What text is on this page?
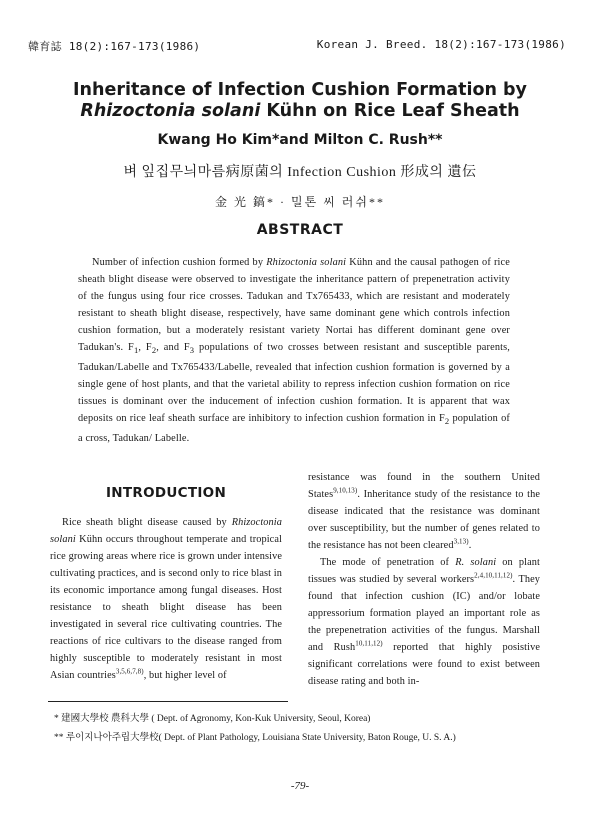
韓育誌 18(2):167-173(1986)	Korean J. Breed. 18(2):167-173(1986)
Inheritance of Infection Cushion Formation by
Rhizoctonia solani Kühn on Rice Leaf Sheath
Kwang Ho Kim*and Milton C. Rush**
벼 잎집무늬마름病原菌의 Infection Cushion 形成의 遺伝
金 光 鎬* · 밀톤 씨 러쉬**
ABSTRACT

Number of infection cushion formed by Rhizoctonia solani Kühn and the causal pathogen of rice sheath blight disease were observed to investigate the inheritance pattern of prepenetration activity of the fungus using four rice crosses. Tadukan and Tx765433, which are resistant and moderately resistant to sheath blight disease, respectively, have same dominant gene which controls infection cushion formation, but a moderately resistant variety Nortai has different dominant gene over Tadukan's. $F_1$, $F_2$, and $F_3$ populations of two crosses between resistant and susceptible parents, Tadukan/Labelle and Tx765433/Labelle, revealed that infection cushion formation is governed by a single gene of host plants, and that the varietal ability to repress infection cushion formation on rice tissues is dominant over the inducement of infection cushion formation. It is apparent that wax deposits on rice leaf sheath surface are inhibitory to infection cushion formation in $F_2$ population of a cross, Tadukan/ Labelle.

INTRODUCTION

Rice sheath blight disease caused by Rhizoctonia solani Kühn occurs throughout temperate and tropical rice growing areas where rice is grown under intensive cultivating practices, and is second only to rice blast in its economic importance among fungal diseases. Host resistance to sheath blight disease has been investigated in several rice cultivating countries. The reactions of rice cultivars to the disease ranged from highly susceptible to moderately resistant in most Asian countries$^{3,5,6,7,8)}$, but higher level of

resistance was found in the southern United States$^{9,10,13)}$. Inheritance study of the resistance to the disease indicated that the resistance was dominant over susceptibility, but the number of genes related to the resistance has not been cleared$^{3,13)}$.

The mode of penetration of R. solani on plant tissues was studied by several workers$^{2,4,10,11,12)}$. They found that infection cushion (IC) and/or lobate appressorium formation played an important role as the prepenetration activities of the fungus. Marshall and Rush$^{10,11,12)}$ reported that highly posistive significant correlations were found to exist between disease rating and both in-

* 建國大學校 農科大學 ( Dept. of Agronomy, Kon-Kuk University, Seoul, Korea)
** 루이지나아주립大學校( Dept. of Plant Pathology, Louisiana State University, Baton Rouge, U. S. A.)
-79-
